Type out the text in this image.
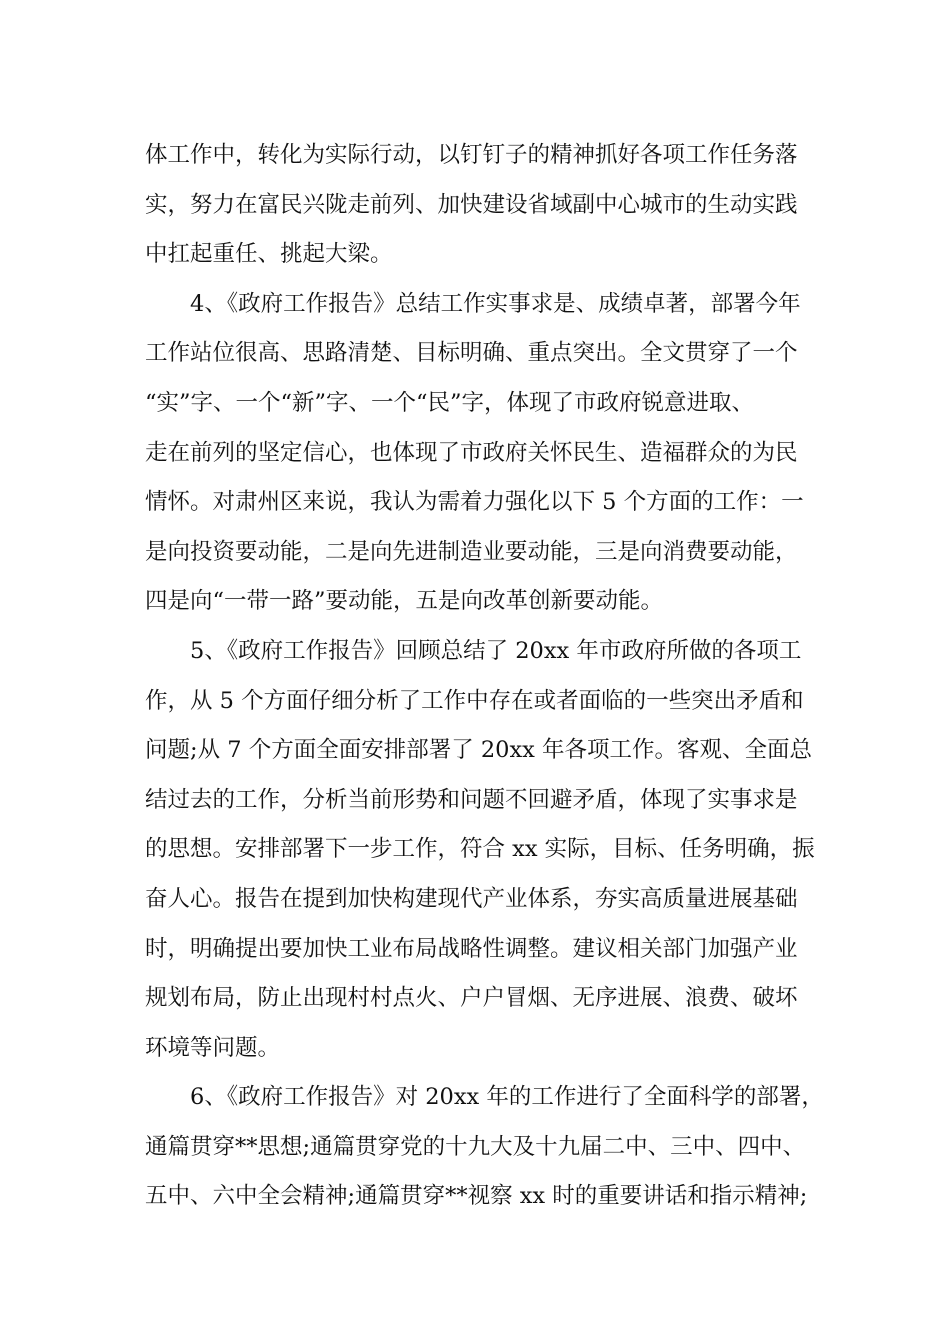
体工作中，转化为实际行动，以钉钉子的精神抓好各项工作任务落
实，努力在富民兴陇走前列、加快建设省域副中心城市的生动实践
中扛起重任、挑起大梁。
4、《政府工作报告》总结工作实事求是、成绩卓著，部署今年
工作站位很高、思路清楚、目标明确、重点突出。全文贯穿了一个
“实”字、一个“新”字、一个“民”字，体现了市政府锐意进取、
走在前列的坚定信心，也体现了市政府关怀民生、造福群众的为民
情怀。对肃州区来说，我认为需着力强化以下 5 个方面的工作：一
是向投资要动能，二是向先进制造业要动能，三是向消费要动能，
四是向“一带一路”要动能，五是向改革创新要动能。
5、《政府工作报告》回顾总结了 20xx 年市政府所做的各项工
作，从 5 个方面仔细分析了工作中存在或者面临的一些突出矛盾和
问题;从 7 个方面全面安排部署了 20xx 年各项工作。客观、全面总
结过去的工作，分析当前形势和问题不回避矛盾，体现了实事求是
的思想。安排部署下一步工作，符合 xx 实际，目标、任务明确，振
奋人心。报告在提到加快构建现代产业体系，夯实高质量进展基础
时，明确提出要加快工业布局战略性调整。建议相关部门加强产业
规划布局，防止出现村村点火、户户冒烟、无序进展、浪费、破坏
环境等问题。
6、《政府工作报告》对 20xx 年的工作进行了全面科学的部署，
通篇贯穿**思想;通篇贯穿党的十九大及十九届二中、三中、四中、
五中、六中全会精神;通篇贯穿**视察 xx 时的重要讲话和指示精神;
